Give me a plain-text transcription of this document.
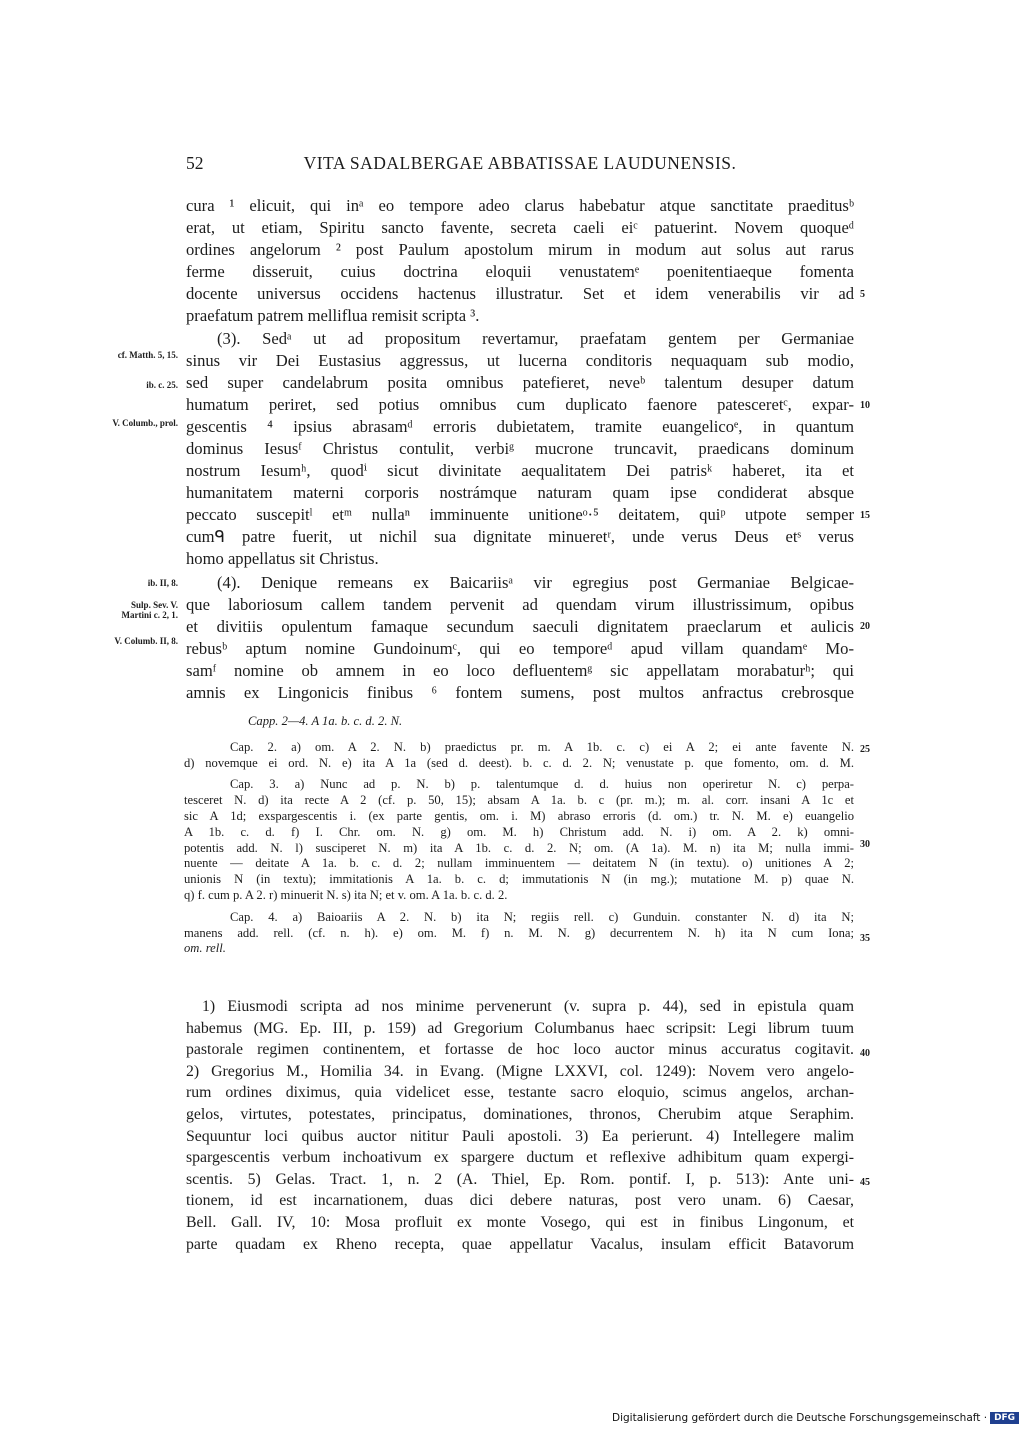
52	VITA SADALBERGAE ABBATISSAE LAUDUNENSIS.
cura ¹ elicuit, qui inᵃ eo tempore adeo clarus habebatur atque sanctitate praeditusᵇ
erat, ut etiam, Spiritu sancto favente, secreta caeli eiᶜ patuerint. Novem quoqueᵈ
ordines angelorum ² post Paulum apostolum mirum in modum aut solus aut rarus
ferme disseruit, cuius doctrina eloquii venustatemᵉ poenitentiaeque fomenta
docente universus occidens hactenus illustratur. Set et idem venerabilis vir ad
praefatum patrem melliflua remisit scripta ³.
(3). Sedᵃ ut ad propositum revertamur, praefatam gentem per Germaniae
sinus vir Dei Eustasius aggressus, ut lucerna conditoris nequaquam sub modio,
sed super candelabrum posita omnibus patefieret, neveᵇ talentum desuper datum
humatum periret, sed potius omnibus cum duplicato faenore patesceretᶜ, expar-
gescentis ⁴ ipsius abrasamᵈ erroris dubietatem, tramite euangelicoᵉ, in quantum
dominus Iesusᶠ Christus contulit, verbiᵍ mucrone truncavit, praedicans dominum
nostrum Iesumʰ, quodⁱ sicut divinitate aequalitatem Dei patrisᵏ haberet, ita et
humanitatem materni corporis nostrámque naturam quam ipse condiderat absque
peccato suscepitˡ etᵐ nullaⁿ imminuente unitioneᵒ·⁵ deitatem, quiᵖ utpote semper
cumᑫ patre fuerit, ut nichil sua dignitate minueretʳ, unde verus Deus etˢ verus
homo appellatus sit Christus.
(4). Denique remeans ex Baicariisᵃ vir egregius post Germaniae Belgicae-
que laboriosum callem tandem pervenit ad quendam virum illustrissimum, opibus
et divitiis opulentum famaque secundum saeculi dignitatem praeclarum et aulicis
rebusᵇ aptum nomine Gundoinumᶜ, qui eo temporeᵈ apud villam quandamᵉ Mo-
samᶠ nomine ob amnem in eo loco defluentemᵍ sic appellatam morabaturʰ; qui
amnis ex Lingonicis finibus ⁶ fontem sumens, post multos anfractus crebrosque
5
10
15
20
cf. Matth. 5, 15.
ib. c. 25.
V. Columb., prol.
ib. II, 8.
Sulp. Sev. V. Martini c. 2, 1.
V. Columb. II, 8.
Capp. 2—4. A 1a. b. c. d. 2. N.
Cap. 2. a) om. A 2. N. b) praedictus pr. m. A 1b. c. c) ei A 2; ei ante favente N.
d) novemque ei ord. N. e) ita A 1a (sed d. deest). b. c. d. 2. N; venustate p. que fomento, om. d. M.
Cap. 3. a) Nunc ad p. N. b) p. talentumque d. d. huius non operiretur N. c) perpa-
tesceret N. d) ita recte A 2 (cf. p. 50, 15); absam A 1a. b. c (pr. m.); m. al. corr. insani A 1c et
sic A 1d; exspargescentis i. (ex parte gentis, om. i. M) abraso erroris (d. om.) tr. N. M. e) euangelio
A 1b. c. d. f) I. Chr. om. N. g) om. M. h) Christum add. N. i) om. A 2. k) omni-
potentis add. N. l) susciperet N. m) ita A 1b. c. d. 2. N; om. (A 1a). M. n) ita M; nulla immi-
nuente — deitate A 1a. b. c. d. 2; nullam imminuentem — deitatem N (in textu). o) unitiones A 2;
unionis N (in textu); immitationis A 1a. b. c. d; immutationis N (in mg.); mutatione M. p) quae N.
q) f. cum p. A 2. r) minuerit N. s) ita N; et v. om. A 1a. b. c. d. 2.
Cap. 4. a) Baioariis A 2. N. b) ita N; regiis rell. c) Gunduin. constanter N. d) ita N;
manens add. rell. (cf. n. h). e) om. M. f) n. M. N. g) decurrentem N. h) ita N cum Iona;
om. rell.
25
30
35
1) Eiusmodi scripta ad nos minime pervenerunt (v. supra p. 44), sed in epistula quam
habemus (MG. Ep. III, p. 159) ad Gregorium Columbanus haec scripsit: Legi librum tuum
pastorale regimen continentem, et fortasse de hoc loco auctor minus accuratus cogitavit.
2) Gregorius M., Homilia 34. in Evang. (Migne LXXVI, col. 1249): Novem vero angelo-
rum ordines diximus, quia videlicet esse, testante sacro eloquio, scimus angelos, archan-
gelos, virtutes, potestates, principatus, dominationes, thronos, Cherubim atque Seraphim.
Sequuntur loci quibus auctor nititur Pauli apostoli. 3) Ea perierunt. 4) Intellegere malim
spargescentis verbum inchoativum ex spargere ductum et reflexive adhibitum quam expergi-
scentis. 5) Gelas. Tract. 1, n. 2 (A. Thiel, Ep. Rom. pontif. I, p. 513): Ante uni-
tionem, id est incarnationem, duas dici debere naturas, post vero unam. 6) Caesar,
Bell. Gall. IV, 10: Mosa profluit ex monte Vosego, qui est in finibus Lingonum, et
parte quadam ex Rheno recepta, quae appellatur Vacalus, insulam efficit Batavorum
40
45
Digitalisierung gefördert durch die Deutsche Forschungsgemeinschaft · DFG
